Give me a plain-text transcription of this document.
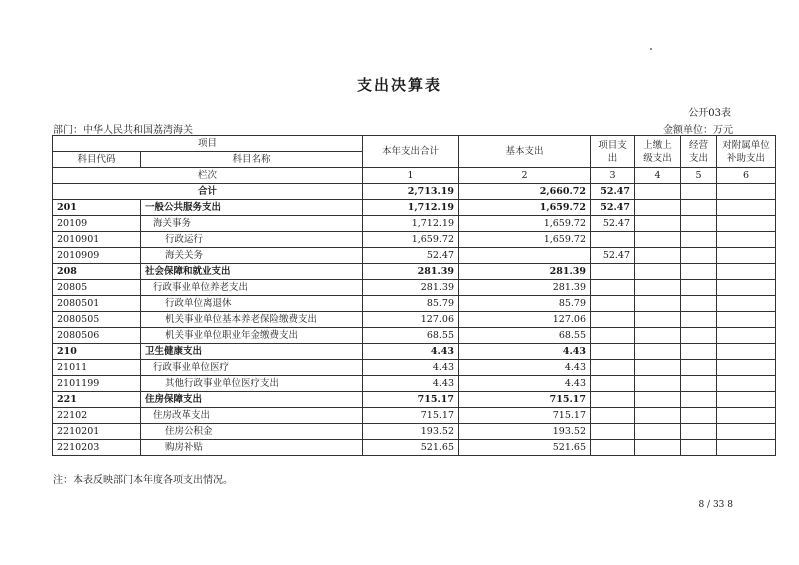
支出决算表
公开03表
部门：中华人民共和国荔湾海关	金额单位：万元
项目		本年支出合计	基本支出	项目支出	上缴上级支出	经营支出	对附属单位补助支出
科目代码	科目名称						
栏次		1	2	3	4	5	6
合计		2,713.19	2,660.72	52.47			
201	一般公共服务支出	1,712.19	1,659.72	52.47			
20109	海关事务	1,712.19	1,659.72	52.47			
2010901	行政运行	1,659.72	1,659.72				
2010909	海关关务	52.47		52.47			
208	社会保障和就业支出	281.39	281.39				
20805	行政事业单位养老支出	281.39	281.39				
2080501	行政单位离退休	85.79	85.79				
2080505	机关事业单位基本养老保险缴费支出	127.06	127.06				
2080506	机关事业单位职业年金缴费支出	68.55	68.55				
210	卫生健康支出	4.43	4.43				
21011	行政事业单位医疗	4.43	4.43				
2101199	其他行政事业单位医疗支出	4.43	4.43				
221	住房保障支出	715.17	715.17				
22102	住房改革支出	715.17	715.17				
2210201	住房公积金	193.52	193.52				
2210203	购房补贴	521.65	521.65				
注：本表反映部门本年度各项支出情况。
8 / 33 8
